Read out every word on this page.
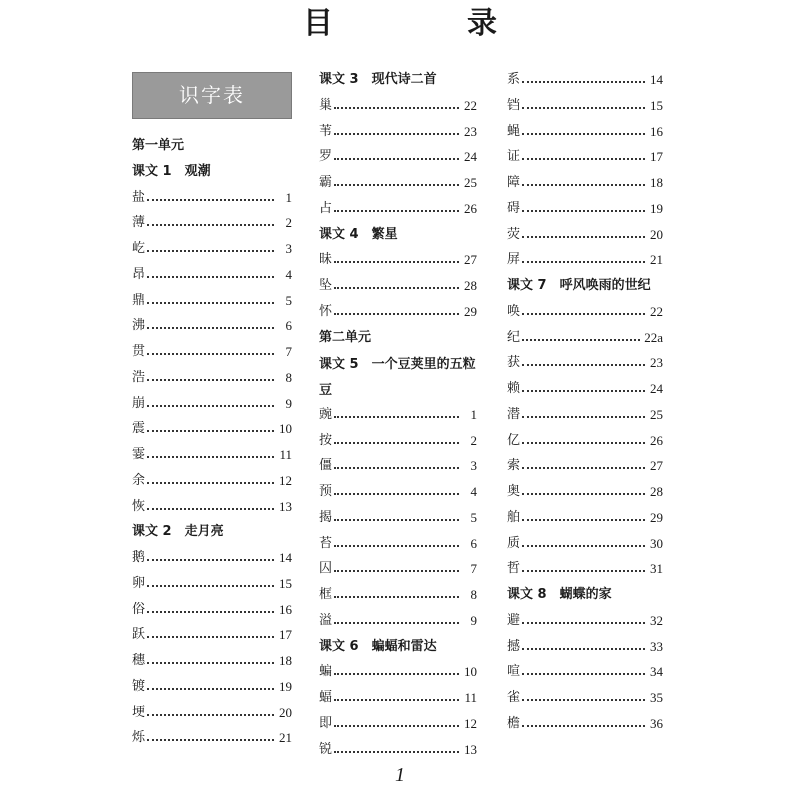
目　录
识字表
第一单元
课文 1　观潮
盐	1
薄	2
屹	3
昂	4
鼎	5
沸	6
贯	7
浩	8
崩	9
震	10
霎	11
余	12
恢	13
课文 2　走月亮
鹅	14
卵	15
俗	16
跃	17
穗	18
镀	19
埂	20
烁	21
课文 3　现代诗二首
巢	22
苇	23
罗	24
霸	25
占	26
课文 4　繁星
昧	27
坠	28
怀	29
第二单元
课文 5　一个豆荚里的五粒豆
豌	1
按	2
僵	3
预	4
揭	5
苔	6
囚	7
框	8
溢	9
课文 6　蝙蝠和雷达
蝙	10
蝠	11
即	12
锐	13
系	14
铛	15
蝇	16
证	17
障	18
碍	19
荧	20
屏	21
课文 7　呼风唤雨的世纪
唤	22
纪	22a
获	23
赖	24
潜	25
亿	26
索	27
奥	28
舶	29
质	30
哲	31
课文 8　蝴蝶的家
避	32
撼	33
喧	34
雀	35
檐	36
1
